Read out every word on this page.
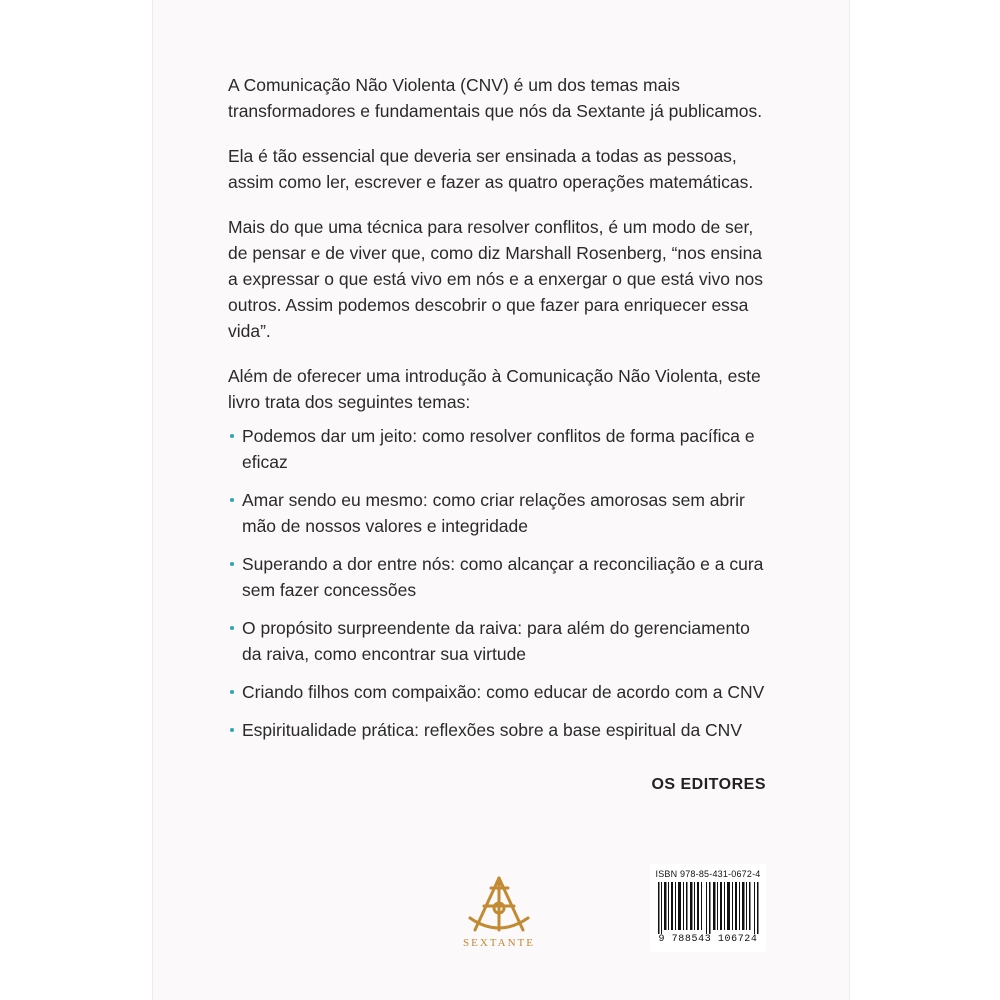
A Comunicação Não Violenta (CNV) é um dos temas mais transformadores e fundamentais que nós da Sextante já publicamos.

Ela é tão essencial que deveria ser ensinada a todas as pessoas, assim como ler, escrever e fazer as quatro operações matemáticas.

Mais do que uma técnica para resolver conflitos, é um modo de ser, de pensar e de viver que, como diz Marshall Rosenberg, “nos ensina a expressar o que está vivo em nós e a enxergar o que está vivo nos outros. Assim podemos descobrir o que fazer para enriquecer essa vida”.

Além de oferecer uma introdução à Comunicação Não Violenta, este livro trata dos seguintes temas:

Podemos dar um jeito: como resolver conflitos de forma pacífica e eficaz
Amar sendo eu mesmo: como criar relações amorosas sem abrir mão de nossos valores e integridade
Superando a dor entre nós: como alcançar a reconciliação e a cura sem fazer concessões
O propósito surpreendente da raiva: para além do gerenciamento da raiva, como encontrar sua virtude
Criando filhos com compaixão: como educar de acordo com a CNV
Espiritualidade prática: reflexões sobre a base espiritual da CNV
OS EDITORES
SEXTANTE
ISBN 978-85-431-0672-4
9 788543 106724
